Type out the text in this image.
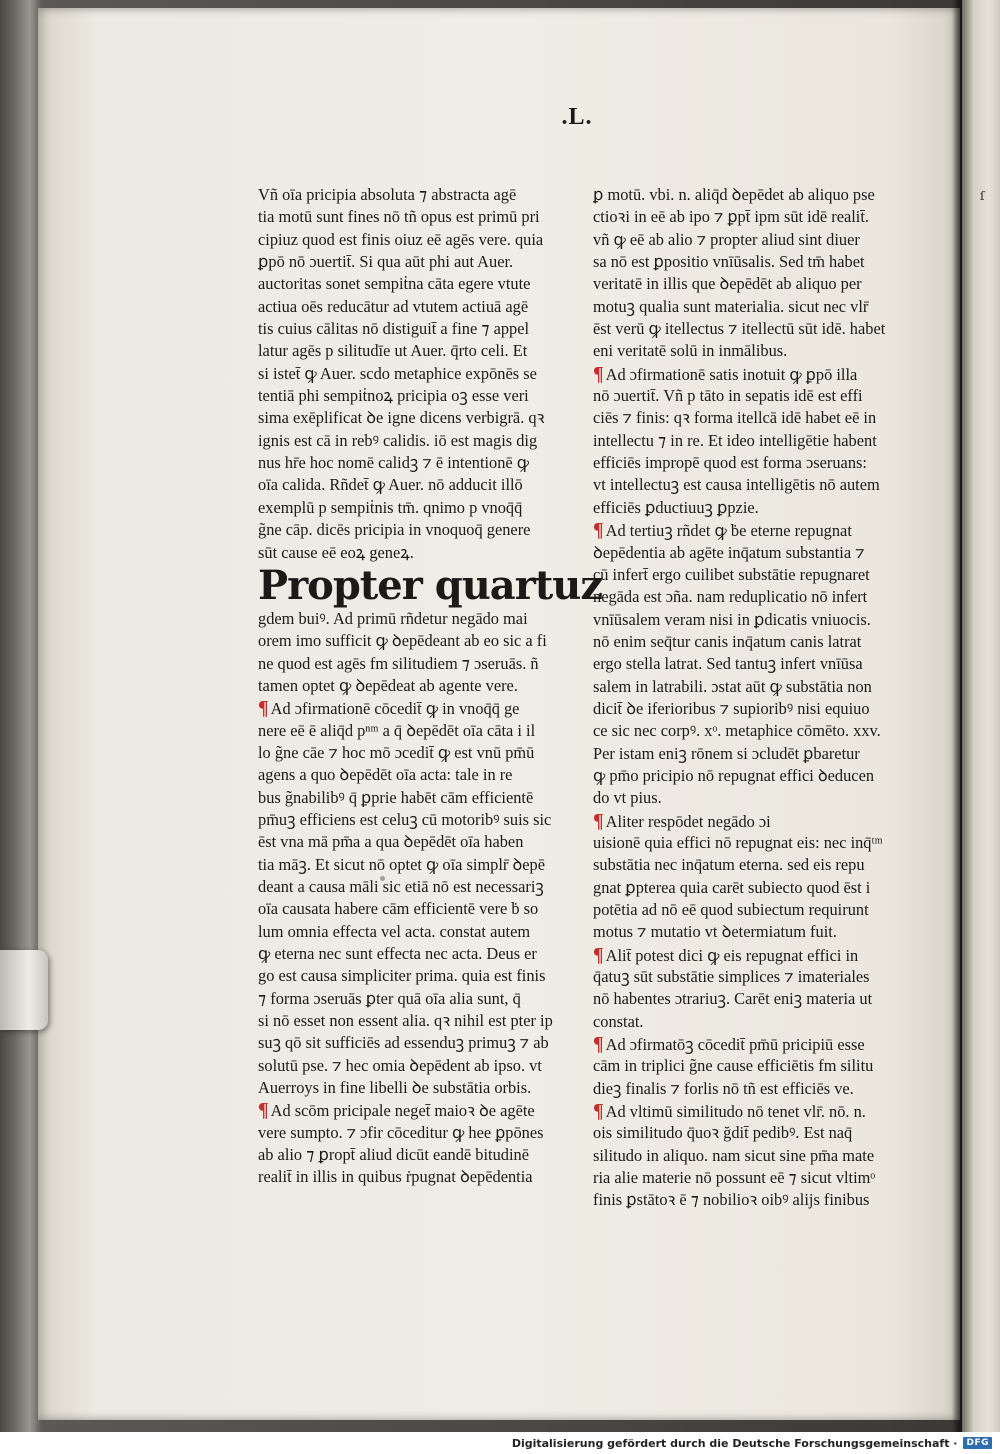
ſ
.L.
Vñ oīa pricipia absoluta ⁊ abstracta agē
tia motū sunt fines nō tñ opus est primū pri
cipiuz quod est finis oiuz eē agēs vere. quia
ꝑpō nō ɔuertit̄. Si qua aūt phi aut Auer.
auctoritas sonet sempiṫna cāta egere vtute
actiua oēs reducātur ad vtutem actiuā agē
tis cuius cālitas nō distiguit̄ a fine ⁊ appel
latur agēs p silitudīe ut Auer. q̄rto celi. Et
si istet̄ ꝙ Auer. scdo metaphice expōnēs se
tentiā phi sempiṫnoꝝ pricipia oꝫ esse veri
sima exēplificat ꝺe igne dicens verbigrā. qꝛ
ignis est cā in rebꝰ calidis. iō est magis dig
nus hr̄e hoc nomē calidꝫ ⁊ ē intentionē ꝙ
oīa calida. Rñdet̄ ꝙ Auer. nō adducit illō
exemplū p sempiṫnis tm̄. qnimo p vnoq̄q̄
g̃ne cāp. dicēs pricipia in vnoquoq̄ genere
sūt cause eē eoꝝ geneꝝ.
Propter quartuz
gdem buiꝰ. Ad primū rñdetur negādo mai
orem imo sufficit ꝙ ꝺepēdeant ab eo sic a fi
ne quod est agēs fm silitudiem ⁊ ɔseruās. ñ
tamen optet ꝙ ꝺepēdeat ab agente vere.
¶ Ad ɔfirmationē cōcedit̄ ꝙ in vnoq̄q̄ ge
nere eē ē aliq̄d pⁿᵐ a q̄ ꝺepēdēt oīa cāta i il
lo g̃ne cāe ⁊ hoc mō ɔcedit̄ ꝙ est vnū pm̄ū
agens a quo ꝺepēdēt oīa acta: tale in re
bus g̃nabilibꝰ q̄ ꝑprie habēt cām efficientē
pm̄uꝫ efficiens est celuꝫ cū motoribꝰ suis sic
ēst vna mā pm̄a a qua ꝺepēdēt oīa haben
tia māꝫ. Et sicut nō optet ꝙ oīa simplr̄ ꝺepē
deant a causa māli sic etiā nō est necessariꝫ
oīa causata habere cām efficientē vere ḃ so
lum omnia effecta vel acta. constat autem
ꝙ eterna nec sunt effecta nec acta. Deus er
go est causa simpliciter prima. quia est finis
⁊ forma ɔseruās ꝑter quā oīa alia sunt, q̄
si nō esset non essent alia. qꝛ nihil est pter ip
suꝫ qō sit sufficiēs ad essenduꝫ primuꝫ ⁊ ab
solutū pse. ⁊ hec omia ꝺepēdent ab ipso. vt
Auerroys in fine libelli ꝺe substātia orbis.
¶ Ad scōm pricipale neget̄ maioꝛ ꝺe agēte
vere sumpto. ⁊ ɔfir cōceditur ꝙ hee ꝑpōnes
ab alio ⁊ ꝑropt̄ aliud dicūt eandē bitudinē
realit̄ in illis in quibus ṙpugnat ꝺepēdentia
ꝑ motū. vbi. n. aliq̄d ꝺepēdet ab aliquo pse
ctioꝛi in eē ab ipo ⁊ ꝑpt̄ ipm sūt idē realit̄.
vñ ꝙ eē ab alio ⁊ propter aliud sint diuer
sa nō est ꝑpositio vnīūsalis. Sed tm̄ habet
veritatē in illis que ꝺepēdēt ab aliquo per
motuꝫ qualia sunt materialia. sicut nec vlr̄
ēst verū ꝙ itellectus ⁊ itellectū sūt idē. habet
eni veritatē solū in inmālibus.
¶ Ad ɔfirmationē satis inotuit ꝙ ꝑpō illa
nō ɔuertit̄. Vñ p tāto in sepatis idē est effi
ciēs ⁊ finis: qꝛ forma itellcā idē habet eē in
intellectu ⁊ in re. Et ideo intelligētie habent
efficiēs impropē quod est forma ɔseruans:
vt intellectuꝫ est causa intelligētis nō autem
efficiēs ꝑductiuuꝫ ꝑpzie.
¶ Ad tertiuꝫ rñdet ꝙ ḃe eterne repugnat
ꝺepēdentia ab agēte inq̄atum substantia ⁊
cū infert̄ ergo cuilibet substātie repugnaret
negāda est ɔña. nam reduplicatio nō infert
vnīūsalem veram nisi in ꝑdicatis vniuocis.
nō enim seq̄tur canis inq̄atum canis latrat
ergo stella latrat. Sed tantuꝫ infert vnīūsa
salem in latrabili. ɔstat aūt ꝙ substātia non
dicit̄ ꝺe iferioribus ⁊ supioribꝰ nisi equiuo
ce sic nec corpꝰ. xᵒ. metaphice cōmēto. xxv.
Per istam eniꝫ rōnem si ɔcludēt ꝑbaretur
ꝙ pm̄o pricipio nō repugnat effici ꝺeducen
do vt pius.
¶ Aliter respōdet negādo ɔi
uisionē quia effici nō repugnat eis: nec inq̄ᵗᵐ
substātia nec inq̄atum eterna. sed eis repu
gnat ꝑpterea quia carēt subiecto quod ēst i
potētia ad nō eē quod subiectum requirunt
motus ⁊ mutatio vt ꝺetermiatum fuit.
¶ Alit̄ potest dici ꝙ eis repugnat effici in
q̄atuꝫ sūt substātie simplices ⁊ imateriales
nō habentes ɔtrariuꝫ. Carēt eniꝫ materia ut
constat.
¶ Ad ɔfirmatōꝫ cōcedit̄ pm̄ū pricipiū esse
cām in triplici g̃ne cause efficiētis fm silitu
dieꝫ finalis ⁊ forlis nō tñ est efficiēs ve.
¶ Ad vltimū similitudo nō tenet vlr̄. nō. n.
ois similitudo q̄uoꝛ ğdit̄ pedibꝰ. Est naq̄
silitudo in aliquo. nam sicut sine pm̄a mate
ria alie materie nō possunt eē ⁊ sicut vltimᵒ
finis ꝑstātoꝛ ē ⁊ nobilioꝛ oibꝰ alijs finibus
Digitalisierung gefördert durch die Deutsche Forschungsgemeinschaft ·	DFG
